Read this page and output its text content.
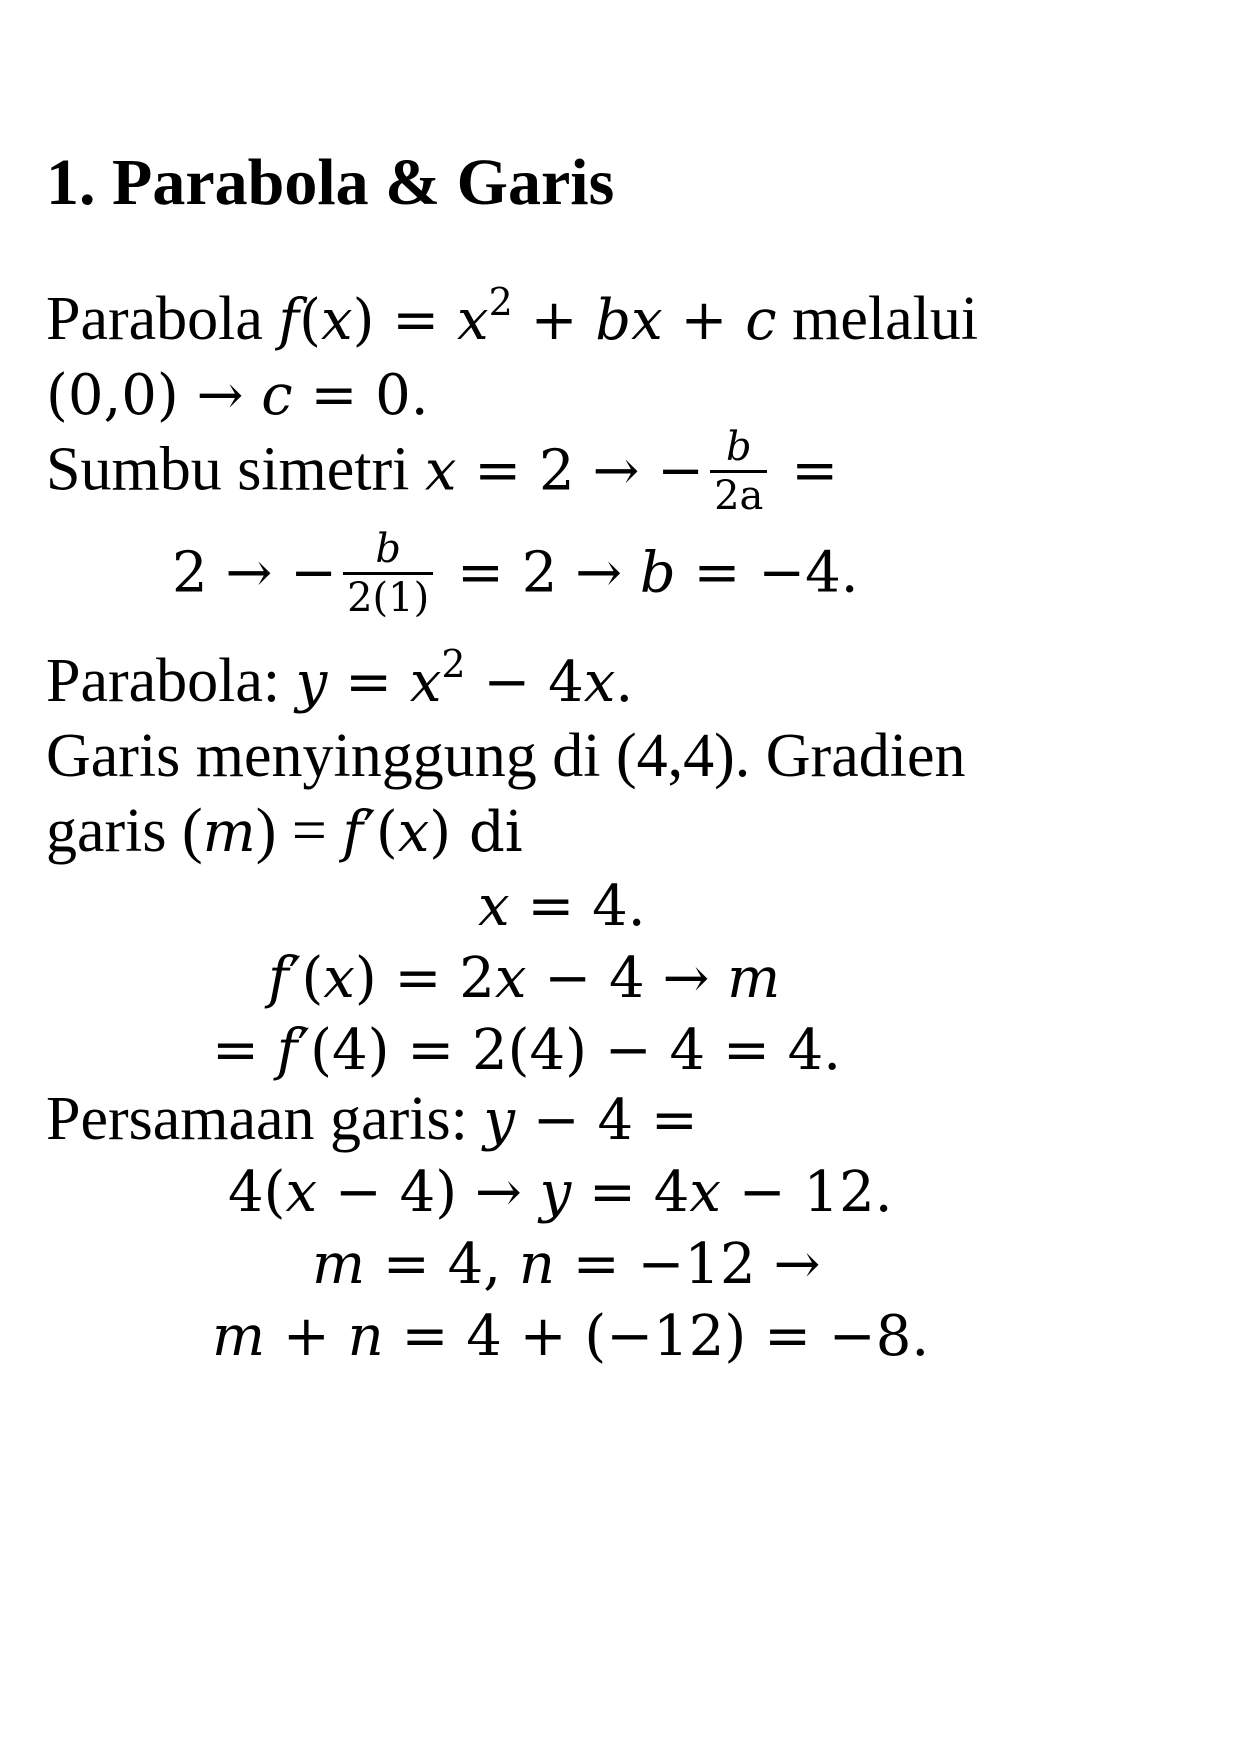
1. Parabola & Garis
Parabola $f(x) = x^2$ + bx + c melalui
(0,0) → c = 0.
Sumbu simetri x = 2 → − $\frac{b}{2a}$ =
2 → − $\frac{b}{2(1)} = 2 \to b = -4$.
Parabola: $y = x^2 - 4x$.
Garis menyinggung di (4,4). Gradien
garis (m) = f′(x) di
x = 4.
f′(x) = 2x − 4 → m
= f′(4) = 2(4) − 4 = 4.
Persamaan garis: y − 4 =
4(x − 4) → y = 4x − 12.
m = 4, n = −12 →
m + n = 4 + (−12) = −8.
